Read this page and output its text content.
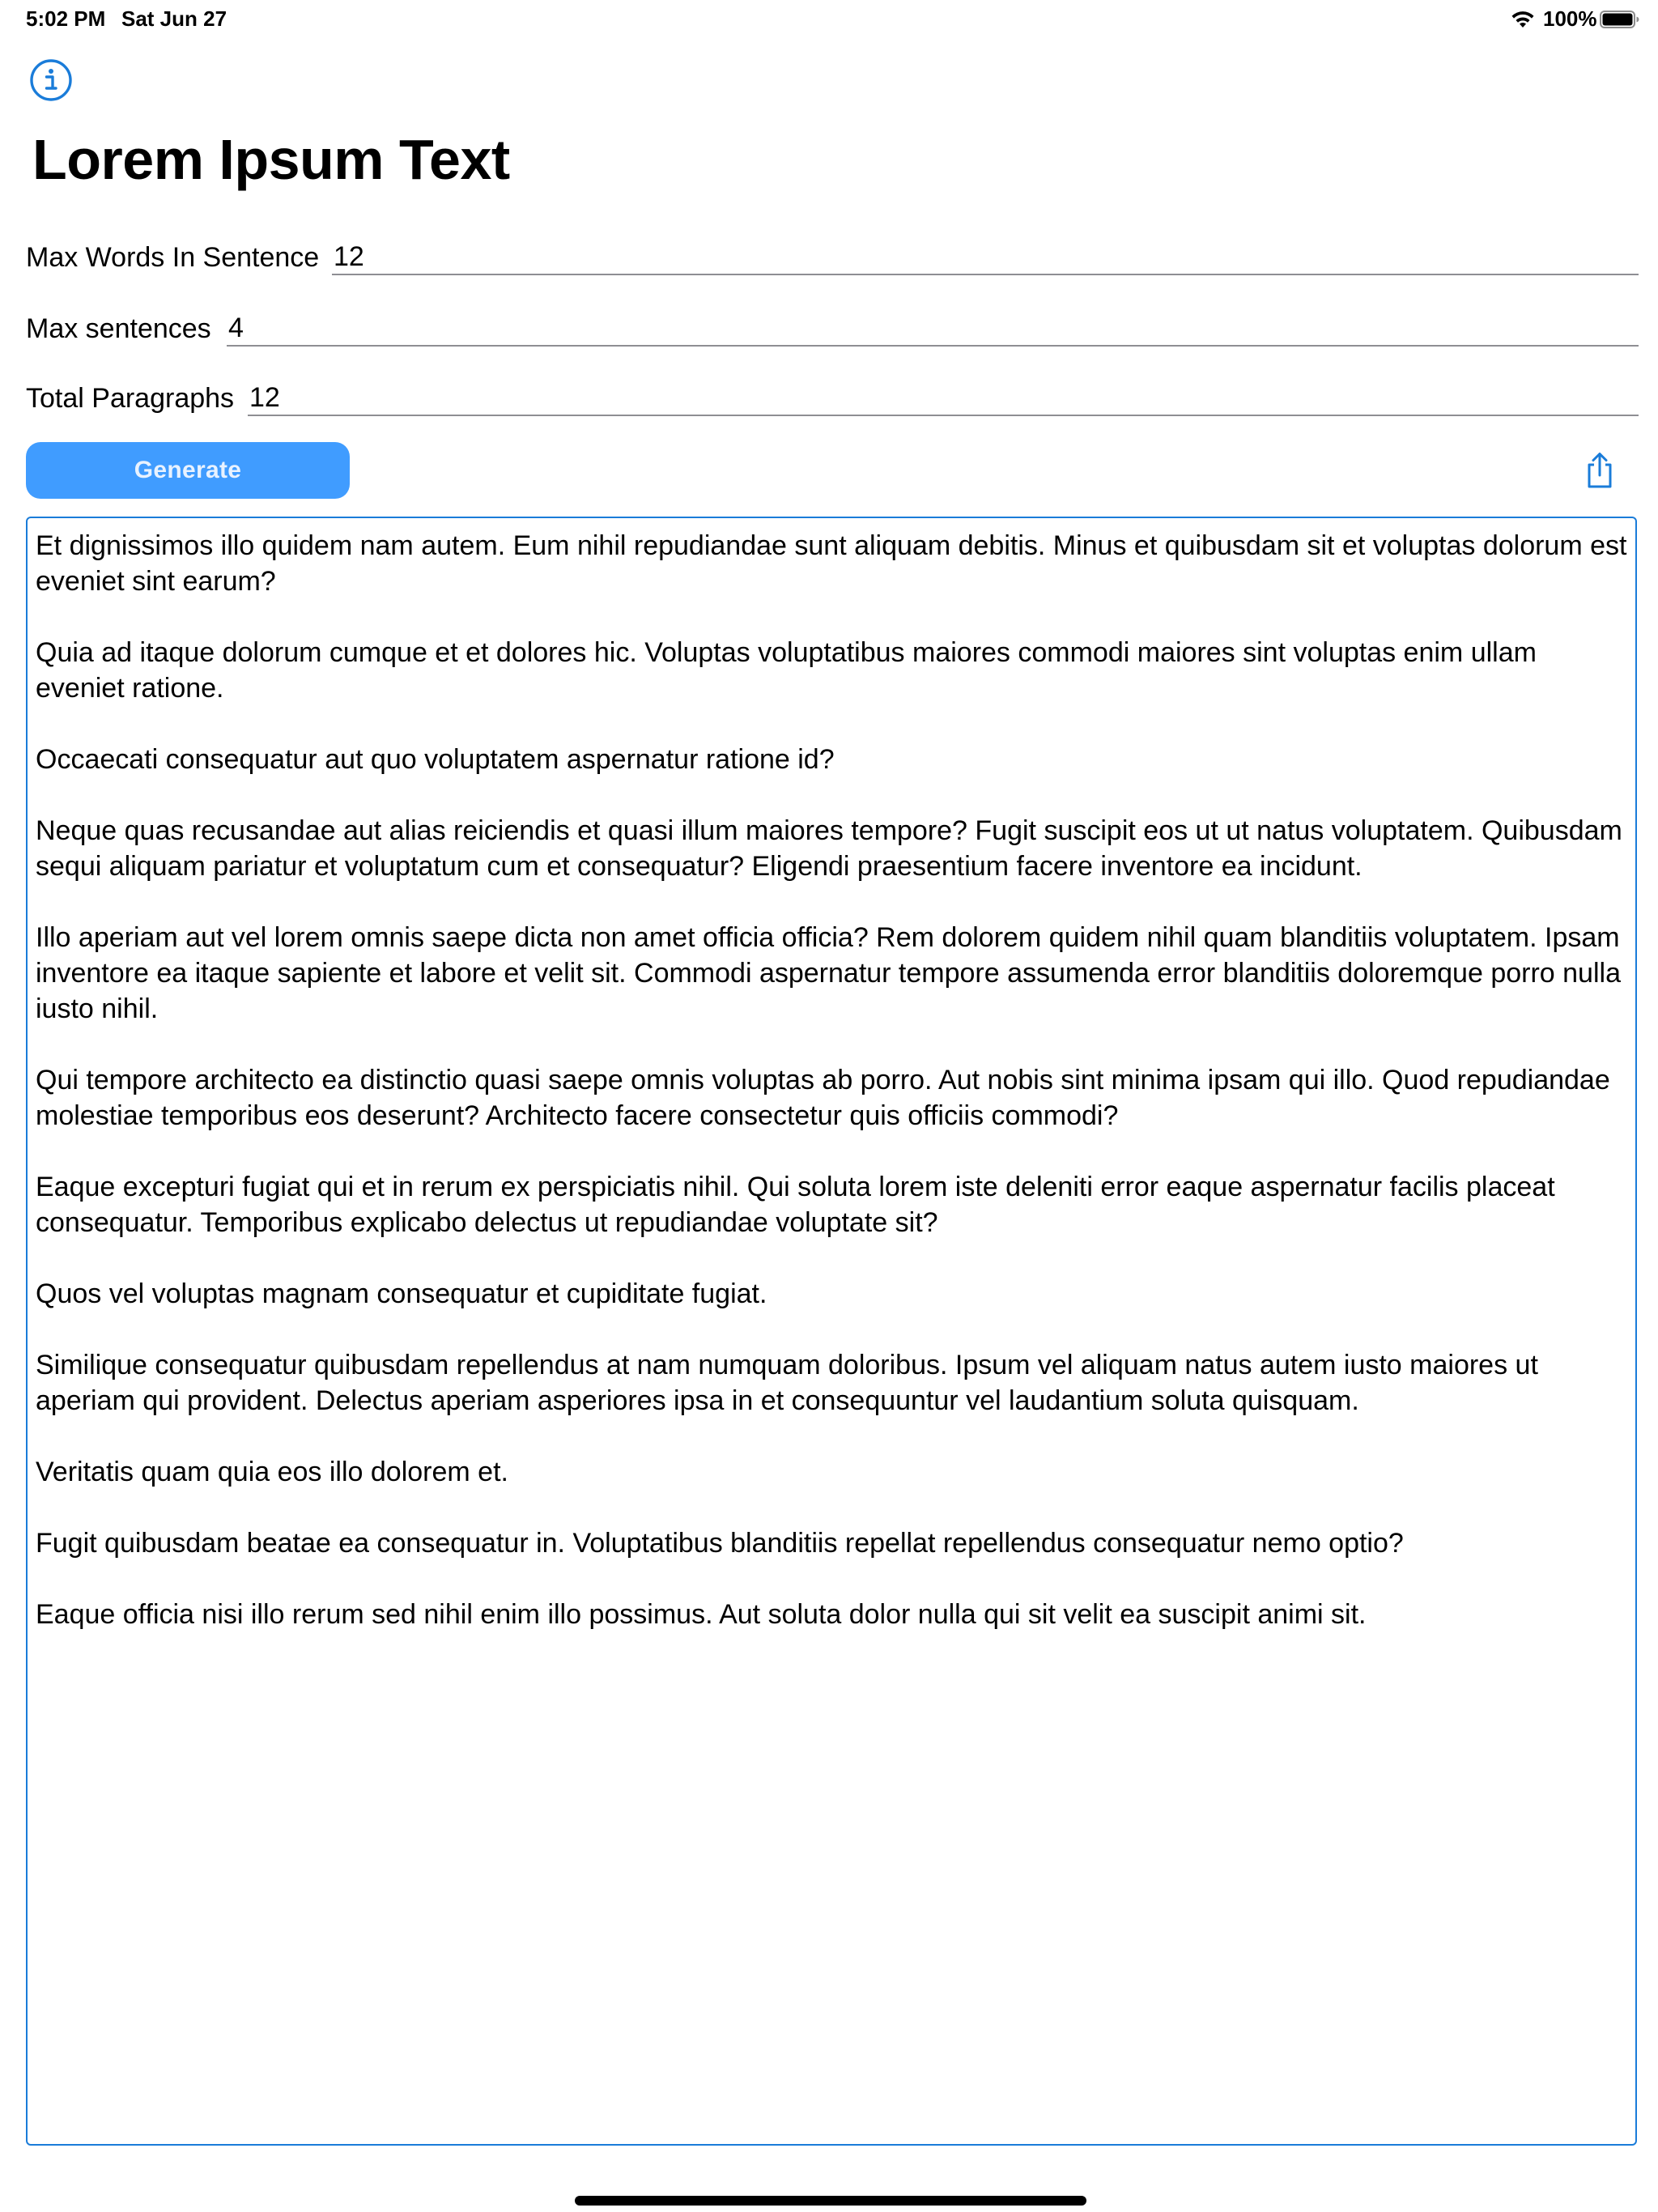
5:02 PM Sat Jun 27	100%
Lorem Ipsum Text
Max Words In Sentence
12
Max sentences
4
Total Paragraphs
12
Generate

Et dignissimos illo quidem nam autem. Eum nihil repudiandae sunt aliquam debitis. Minus et quibusdam sit et voluptas dolorum est eveniet sint earum?

Quia ad itaque dolorum cumque et et dolores hic. Voluptas voluptatibus maiores commodi maiores sint voluptas enim ullam eveniet ratione.

Occaecati consequatur aut quo voluptatem aspernatur ratione id?

Neque quas recusandae aut alias reiciendis et quasi illum maiores tempore? Fugit suscipit eos ut ut natus voluptatem. Quibusdam sequi aliquam pariatur et voluptatum cum et consequatur? Eligendi praesentium facere inventore ea incidunt.

Illo aperiam aut vel lorem omnis saepe dicta non amet officia officia? Rem dolorem quidem nihil quam blanditiis voluptatem. Ipsam inventore ea itaque sapiente et labore et velit sit. Commodi aspernatur tempore assumenda error blanditiis doloremque porro nulla iusto nihil.

Qui tempore architecto ea distinctio quasi saepe omnis voluptas ab porro. Aut nobis sint minima ipsam qui illo. Quod repudiandae molestiae temporibus eos deserunt? Architecto facere consectetur quis officiis commodi?

Eaque excepturi fugiat qui et in rerum ex perspiciatis nihil. Qui soluta lorem iste deleniti error eaque aspernatur facilis placeat consequatur. Temporibus explicabo delectus ut repudiandae voluptate sit?

Quos vel voluptas magnam consequatur et cupiditate fugiat.

Similique consequatur quibusdam repellendus at nam numquam doloribus. Ipsum vel aliquam natus autem iusto maiores ut aperiam qui provident. Delectus aperiam asperiores ipsa in et consequuntur vel laudantium soluta quisquam.

Veritatis quam quia eos illo dolorem et.

Fugit quibusdam beatae ea consequatur in. Voluptatibus blanditiis repellat repellendus consequatur nemo optio?

Eaque officia nisi illo rerum sed nihil enim illo possimus. Aut soluta dolor nulla qui sit velit ea suscipit animi sit.
